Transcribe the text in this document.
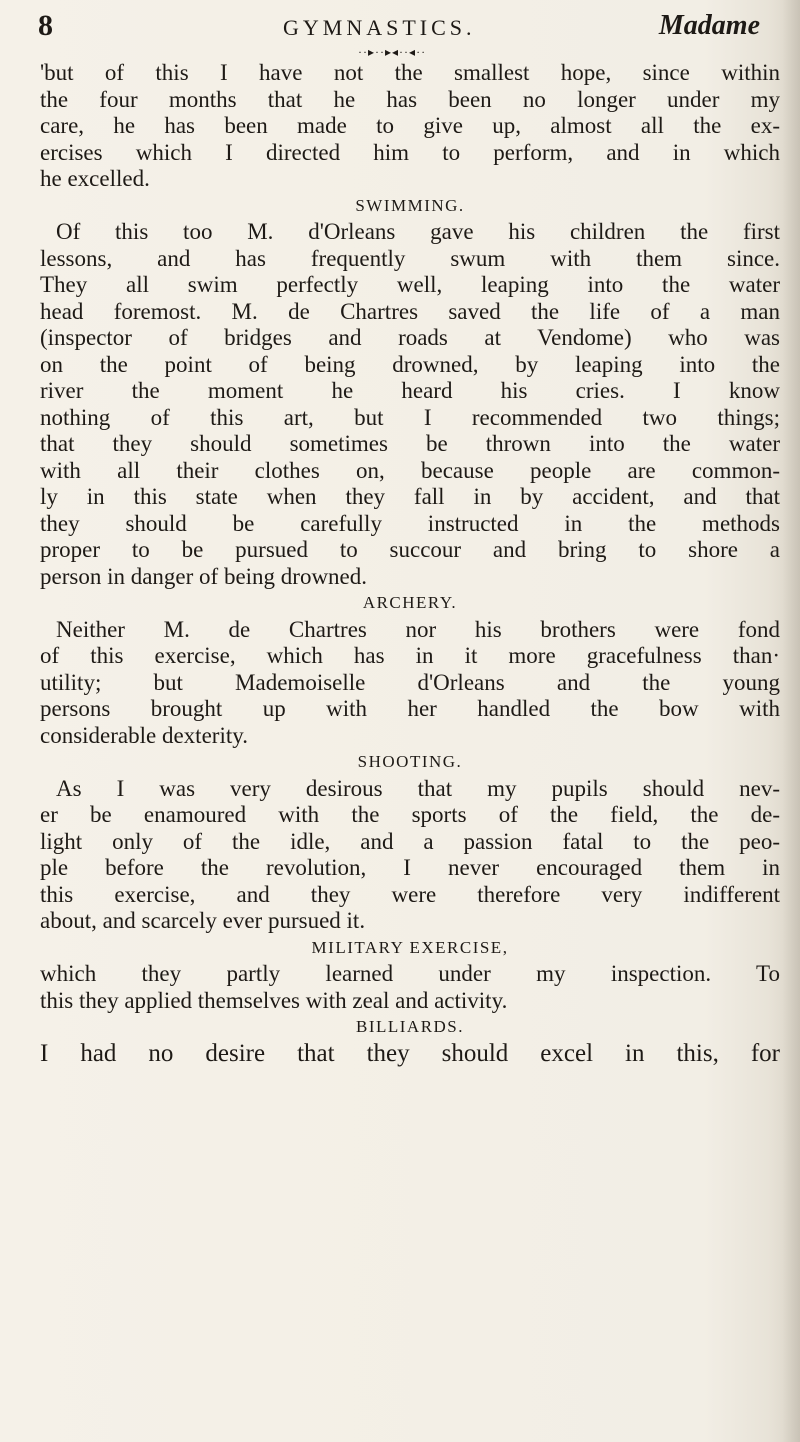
8	GYMNASTICS.	Madame
··▸··▸◂··◂··
'but of this I have not the smallest hope, since within
the four months that he has been no longer under my
care, he has been made to give up, almost all the ex-
ercises which I directed him to perform, and in which
he excelled.
SWIMMING.
Of this too M. d'Orleans gave his children the first
lessons, and has frequently swum with them since.
They all swim perfectly well, leaping into the water
head foremost. M. de Chartres saved the life of a man
(inspector of bridges and roads at Vendome) who was
on the point of being drowned, by leaping into the
river the moment he heard his cries. I know
nothing of this art, but I recommended two things;
that they should sometimes be thrown into the water
with all their clothes on, because people are common-
ly in this state when they fall in by accident, and that
they should be carefully instructed in the methods
proper to be pursued to succour and bring to shore a
person in danger of being drowned.
ARCHERY.
Neither M. de Chartres nor his brothers were fond
of this exercise, which has in it more gracefulness than·
utility; but Mademoiselle d'Orleans and the young
persons brought up with her handled the bow with
considerable dexterity.
SHOOTING.
As I was very desirous that my pupils should nev-
er be enamoured with the sports of the field, the de-
light only of the idle, and a passion fatal to the peo-
ple before the revolution, I never encouraged them in
this exercise, and they were therefore very indifferent
about, and scarcely ever pursued it.
MILITARY EXERCISE,
which they partly learned under my inspection. To
this they applied themselves with zeal and activity.
BILLIARDS.
I had no desire that they should excel in this, for
